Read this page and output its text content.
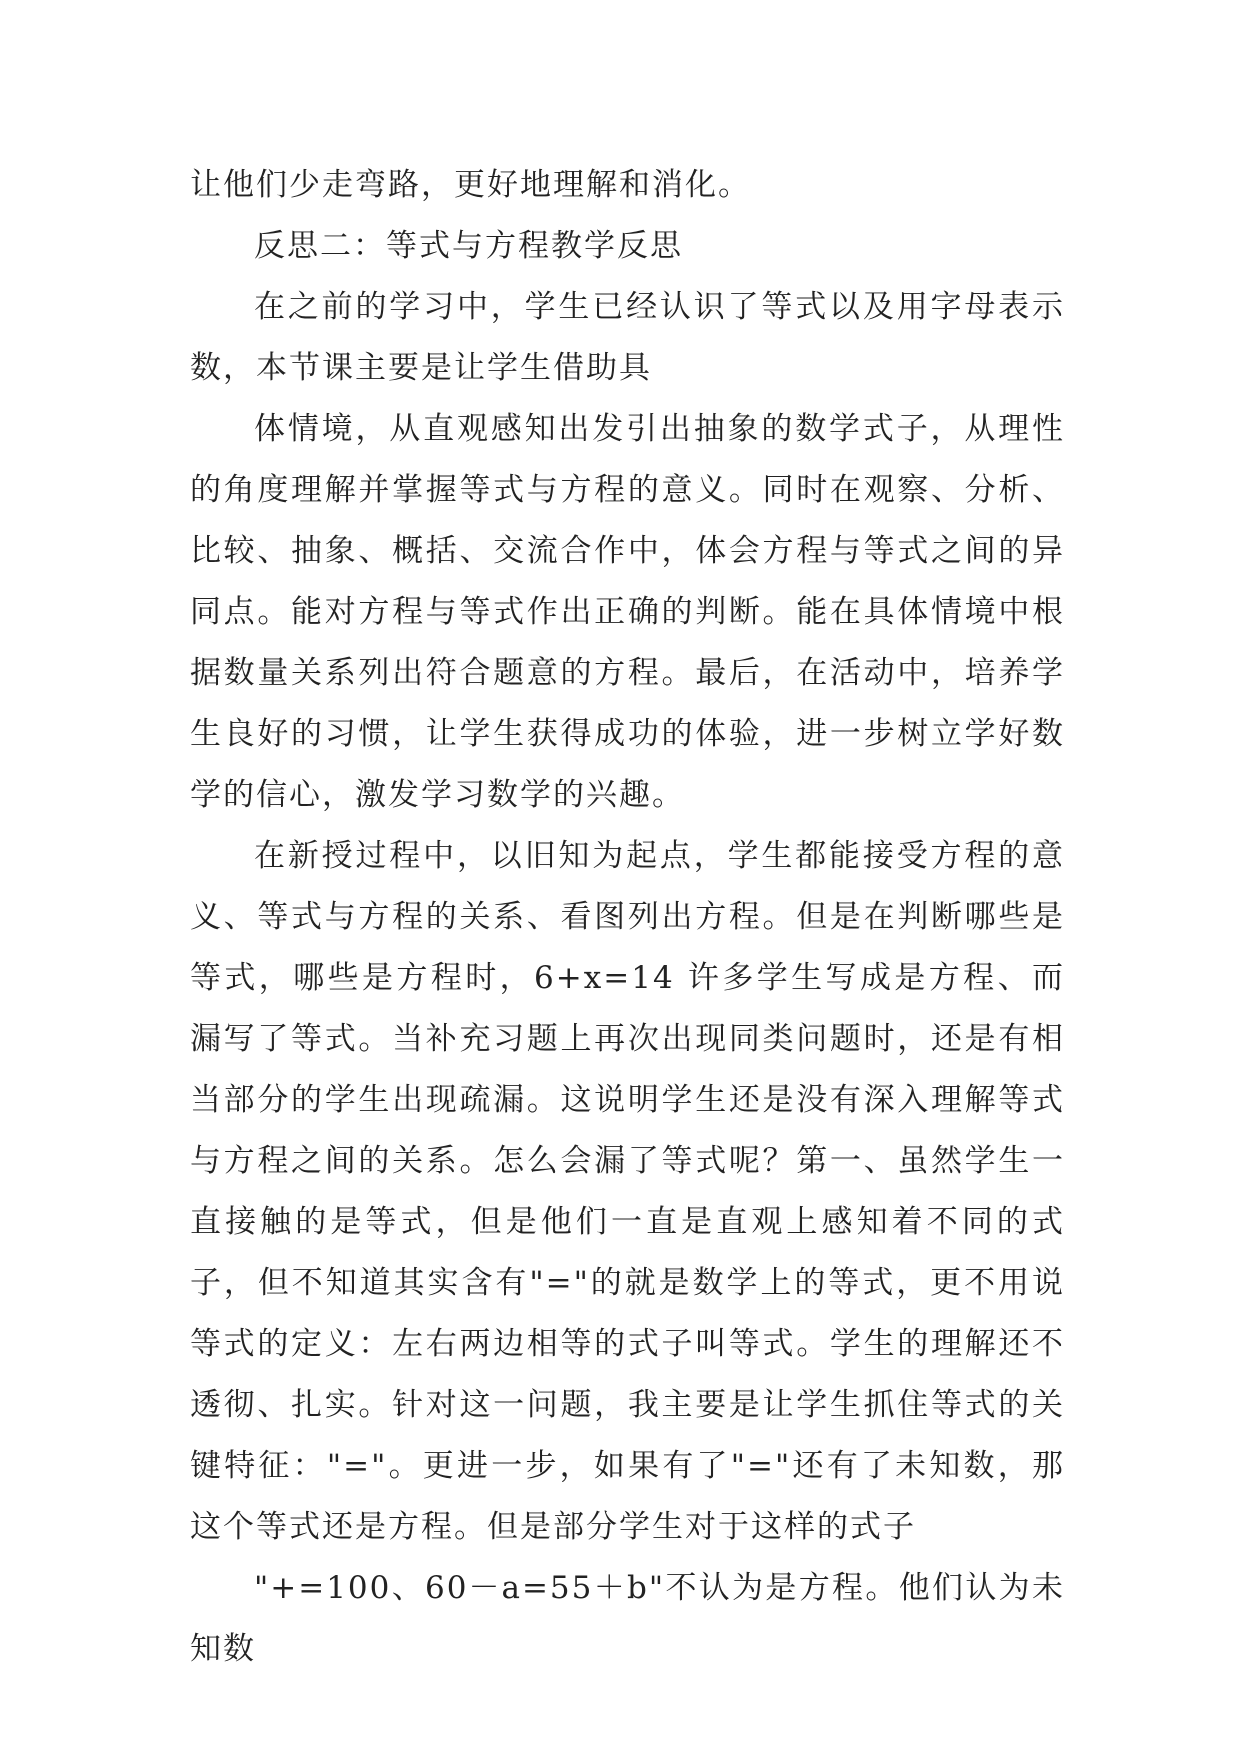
让他们少走弯路，更好地理解和消化。

反思二：等式与方程教学反思

在之前的学习中，学生已经认识了等式以及用字母表示数，本节课主要是让学生借助具

体情境，从直观感知出发引出抽象的数学式子，从理性的角度理解并掌握等式与方程的意义。同时在观察、分析、比较、抽象、概括、交流合作中，体会方程与等式之间的异同点。能对方程与等式作出正确的判断。能在具体情境中根据数量关系列出符合题意的方程。最后，在活动中，培养学生良好的习惯，让学生获得成功的体验，进一步树立学好数学的信心，激发学习数学的兴趣。

在新授过程中，以旧知为起点，学生都能接受方程的意义、等式与方程的关系、看图列出方程。但是在判断哪些是等式，哪些是方程时，6+x=14 许多学生写成是方程、而漏写了等式。当补充习题上再次出现同类问题时，还是有相当部分的学生出现疏漏。这说明学生还是没有深入理解等式与方程之间的关系。怎么会漏了等式呢？第一、虽然学生一直接触的是等式，但是他们一直是直观上感知着不同的式子，但不知道其实含有"="的就是数学上的等式，更不用说等式的定义：左右两边相等的式子叫等式。学生的理解还不透彻、扎实。针对这一问题，我主要是让学生抓住等式的关键特征："="。更进一步，如果有了"="还有了未知数，那这个等式还是方程。但是部分学生对于这样的式子

"+=100、60－a=55＋b"不认为是方程。他们认为未知数
